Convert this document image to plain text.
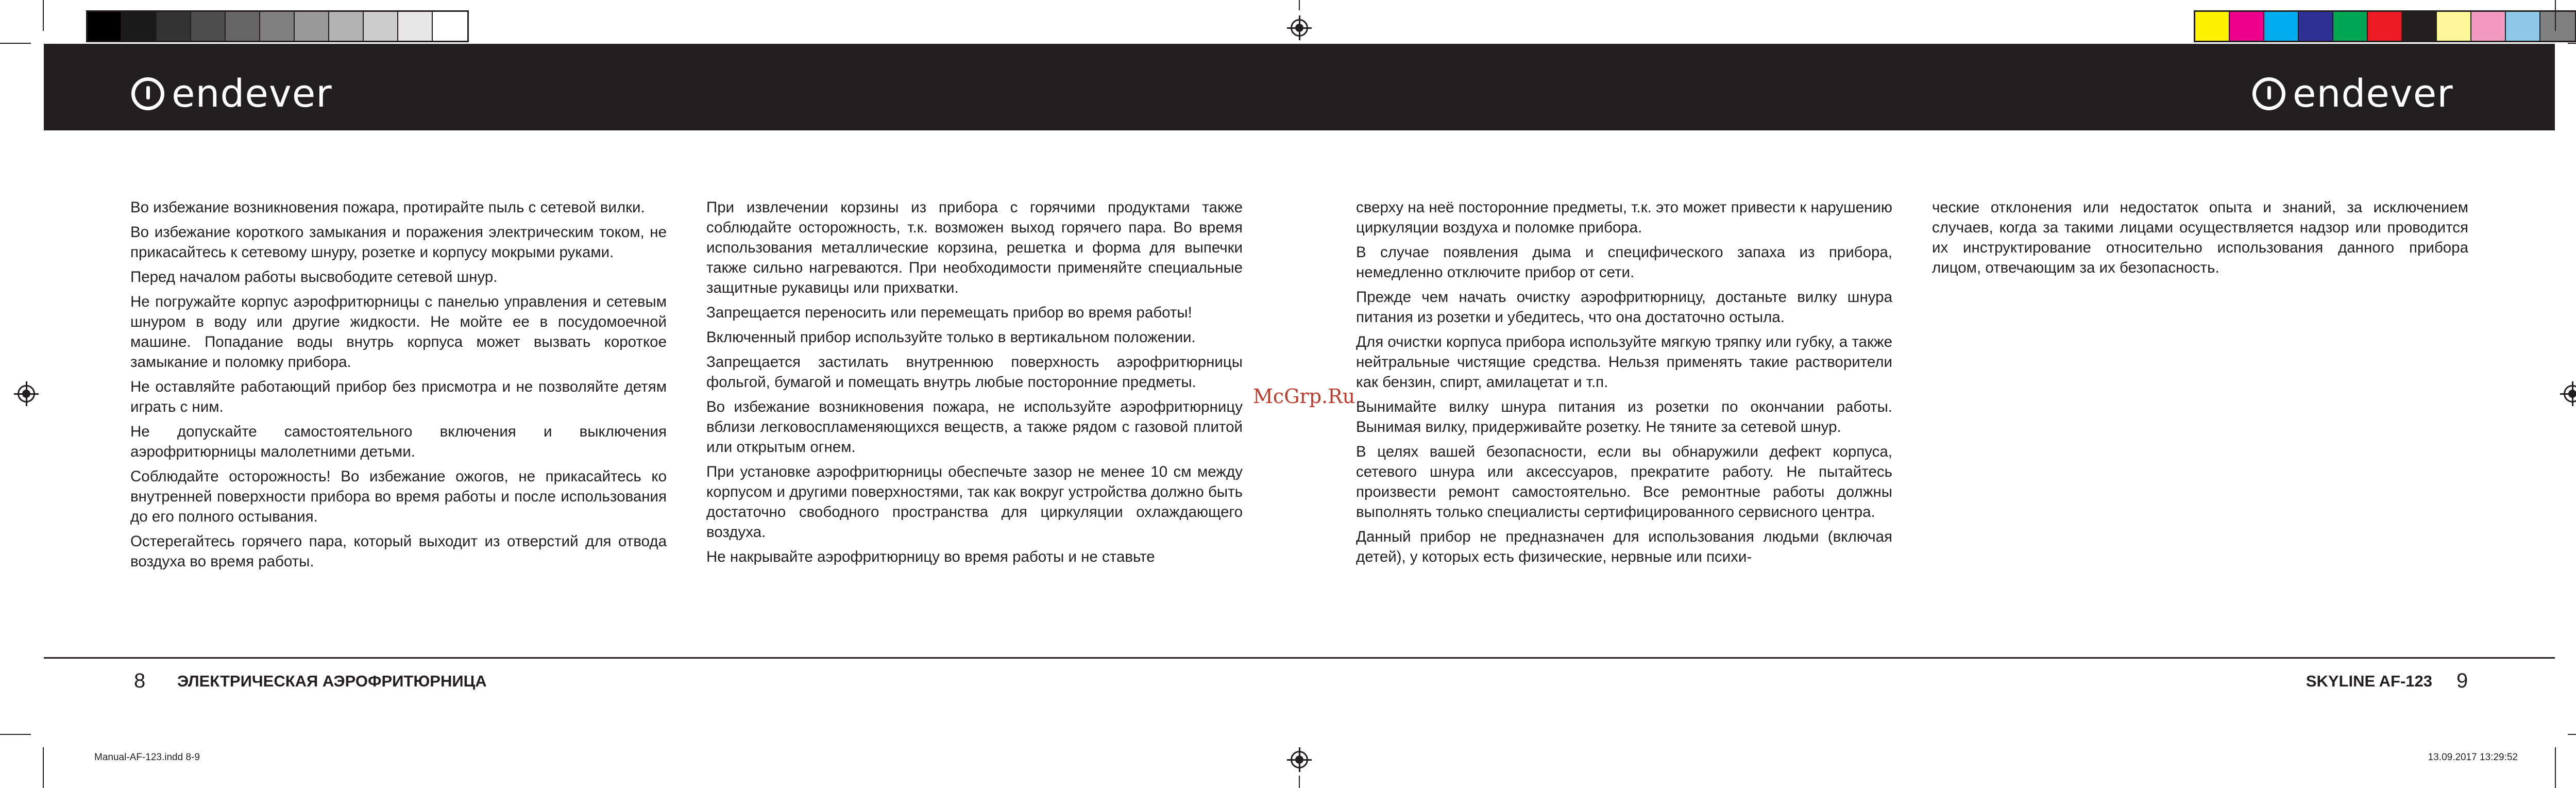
endever	endever

Во избежание возникновения пожара, протирайте пыль с сетевой вилки.

Во избежание короткого замыкания и поражения электрическим током, не прикасайтесь к сетевому шнуру, розетке и корпусу мокрыми руками.

Перед началом работы высвободите сетевой шнур.

Не погружайте корпус аэрофритюрницы с панелью управления и сетевым шнуром в воду или другие жидкости. Не мойте ее в посудомоечной машине. Попадание воды внутрь корпуса может вызвать короткое замыкание и поломку прибора.

Не оставляйте работающий прибор без присмотра и не позволяйте детям играть с ним.

Не допускайте самостоятельного включения и выключения аэрофритюрницы малолетними детьми.

Соблюдайте осторожность! Во избежание ожогов, не прикасайтесь ко внутренней поверхности прибора во время работы и после использования до его полного остывания.

Остерегайтесь горячего пара, который выходит из отверстий для отвода воздуха во время работы.

При извлечении корзины из прибора с горячими продуктами также соблюдайте осторожность, т.к. возможен выход горячего пара. Во время использования металлические корзина, решетка и форма для выпечки также сильно нагреваются. При необходимости применяйте специальные защитные рукавицы или прихватки.

Запрещается переносить или перемещать прибор во время работы!

Включенный прибор используйте только в вертикальном положении.

Запрещается застилать внутреннюю поверхность аэрофритюрницы фольгой, бумагой и помещать внутрь любые посторонние предметы.

Во избежание возникновения пожара, не используйте аэрофритюрницу вблизи легковоспламеняющихся веществ, а также рядом с газовой плитой или открытым огнем.

При установке аэрофритюрницы обеспечьте зазор не менее 10 см между корпусом и другими поверхностями, так как вокруг устройства должно быть достаточно свободного пространства для циркуляции охлаждающего воздуха.

Не накрывайте аэрофритюрницу во время работы и не ставьте

сверху на неё посторонние предметы, т.к. это может привести к нарушению циркуляции воздуха и поломке прибора.

В случае появления дыма и специфического запаха из прибора, немедленно отключите прибор от сети.

Прежде чем начать очистку аэрофритюрницу, достаньте вилку шнура питания из розетки и убедитесь, что она достаточно остыла.

Для очистки корпуса прибора используйте мягкую тряпку или губку, а также нейтральные чистящие средства. Нельзя применять такие растворители как бензин, спирт, амилацетат и т.п.

Вынимайте вилку шнура питания из розетки по окончании работы. Вынимая вилку, придерживайте розетку. Не тяните за сетевой шнур.

В целях вашей безопасности, если вы обнаружили дефект корпуса, сетевого шнура или аксессуаров, прекратите работу. Не пытайтесь произвести ремонт самостоятельно. Все ремонтные работы должны выполнять только специалисты сертифицированного сервисного центра.

Данный прибор не предназначен для использования людьми (включая детей), у которых есть физические, нервные или психи-

ческие отклонения или недостаток опыта и знаний, за исключением случаев, когда за такими лицами осуществляется надзор или проводится их инструктирование относительно использования данного прибора лицом, отвечающим за их безопасность.

McGrp.Ru
8 ЭЛЕКТРИЧЕСКАЯ АЭРОФРИТЮРНИЦА	SKYLINE AF-123 9
Manual-AF-123.indd 8-9	13.09.2017 13:29:52
